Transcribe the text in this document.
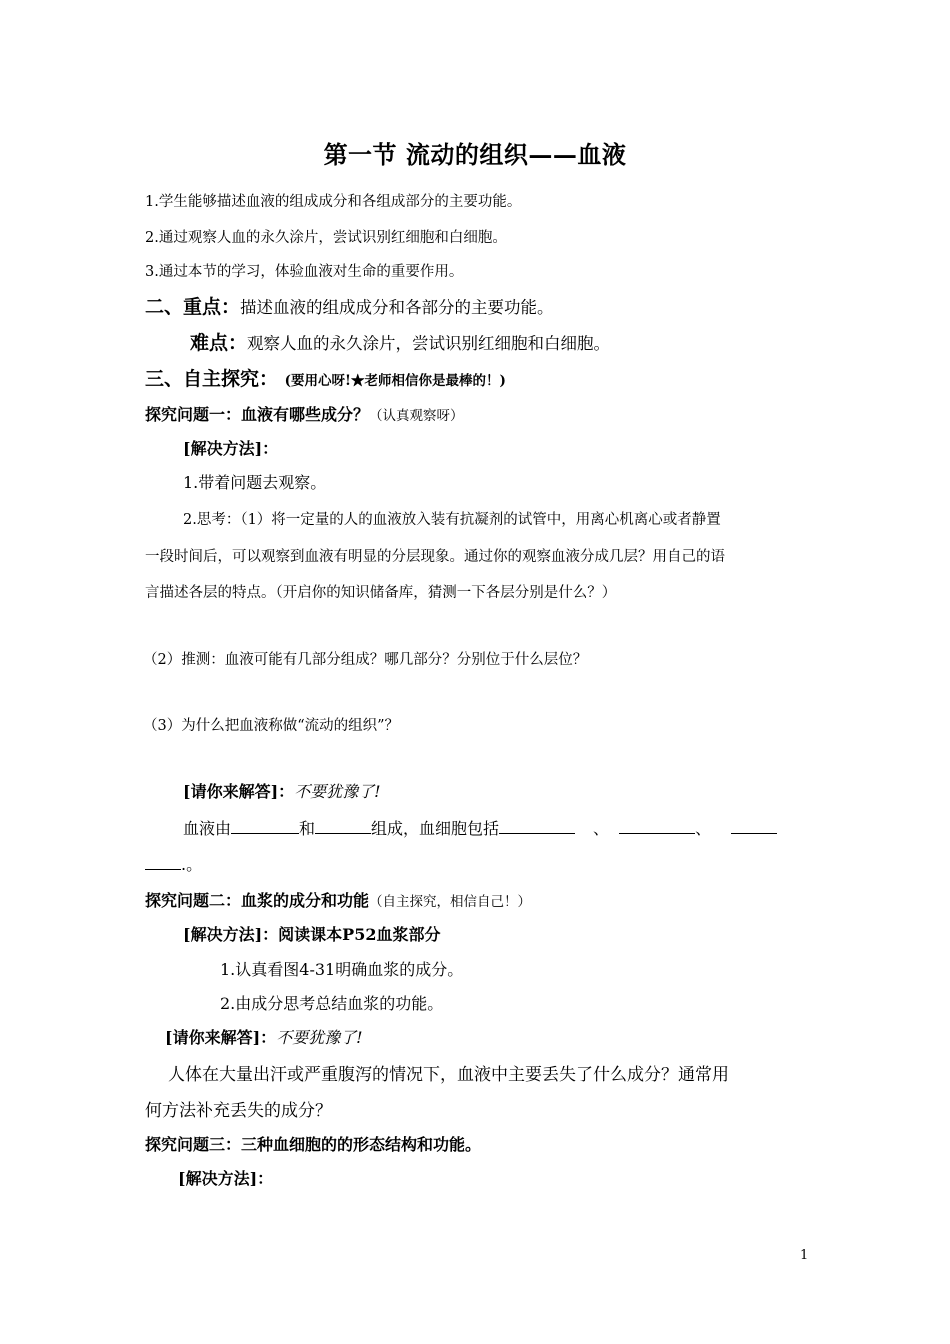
第一节 流动的组织——血液
1.学生能够描述血液的组成成分和各组成部分的主要功能。
2.通过观察人血的永久涂片，尝试识别红细胞和白细胞。
3.通过本节的学习，体验血液对生命的重要作用。
二、重点：描述血液的组成成分和各部分的主要功能。
难点：观察人血的永久涂片，尝试识别红细胞和白细胞。
三、自主探究： (要用心呀!★老师相信你是最棒的！)
探究问题一：血液有哪些成分？（认真观察呀）
[解决方法]：
1.带着问题去观察。
2.思考：（1）将一定量的人的血液放入装有抗凝剂的试管中，用离心机离心或者静置
一段时间后，可以观察到血液有明显的分层现象。通过你的观察血液分成几层？用自己的语
言描述各层的特点。（开启你的知识储备库，猜测一下各层分别是什么？）
（2）推测：血液可能有几部分组成？哪几部分？分别位于什么层位？
（3）为什么把血液称做“流动的组织”？
[请你来解答]：不要犹豫了!
血液由	和	组成，血细胞包括	、	、
.。
探究问题二：血浆的成分和功能（自主探究，相信自己！）
[解决方法]：阅读课本P52血浆部分
1.认真看图4-31明确血浆的成分。
2.由成分思考总结血浆的功能。
[请你来解答]：不要犹豫了!
人体在大量出汗或严重腹泻的情况下，血液中主要丢失了什么成分？通常用
何方法补充丢失的成分？
探究问题三：三种血细胞的的形态结构和功能。
[解决方法]：
1
